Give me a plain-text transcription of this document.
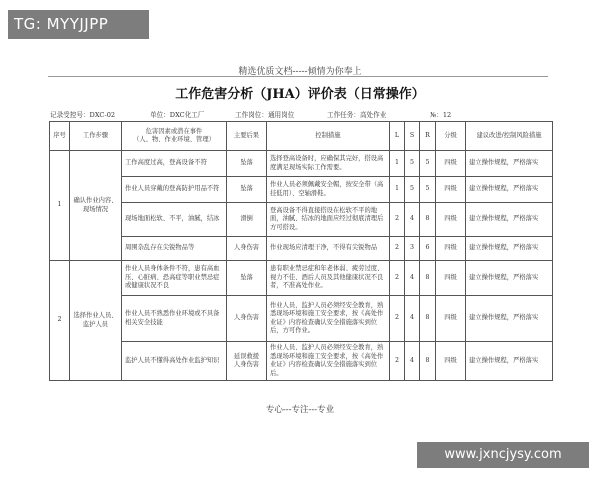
TG: MYYJJPP
精选优质文档-----倾情为你奉上
工作危害分析（JHA）评价表（日常操作）
记录受控号：DXC-02	单位：DXC化工厂	工作岗位：通用岗位	工作任务：高处作业	№：12
序号	工作步骤	危害因素或潜在事件
（人、物、作业环境、管理）	主要后果	控制措施	L	S	R	分级	建议改进/控制风险措施
1	确认作业内容、现场情况	工作高度过高，登高设备不符	坠落	选择登高设备时，应确保其完好，搭设高度满足现场实际工作需要。	1	5	5	四级	建立操作规程，严格落实
		作业人员穿戴的登高防护用品不符	坠落	作业人员必须佩戴安全帽，按安全带（高挂低用）、空轴滑鞋。	1	5	5	四级	建立操作规程，严格落实
		现场地面松软、不平，油腻，结冰	滑倒	登高设备不得直接搭设在松软不平的地面，油腻、结冰的地面应经过彻底清理后方可搭设。	2	4	8	四级	建立操作规程，严格落实
		周围杂乱存在尖锐物品等	人身伤害	作业现场应清理干净，不得有尖锐物品	2	3	6	四级	建立操作规程，严格落实
2	选择作业人员、监护人员	作业人员身体条件不符，患有高血压、心脏病、恐高症等职业禁忌症或健康状况不良	坠落	患有职业禁忌症和年老体弱、疲劳过度、视力不佳、酒后人员及其他健康状况不良者，不准高处作业。	2	4	8	四级	建立操作规程，严格落实
		作业人员不熟悉作业环境或不具备相关安全技能	人身伤害	作业人员、监护人员必须经安全教育，熟悉现场环境和施工安全要求，按《高处作业证》内容检查确认安全措施落实到位后，方可作业。	2	4	8	四级	建立操作规程，严格落实
		监护人员不懂得高处作业监护知识	延误救援
人身伤害	作业人员、监护人员必须经安全教育，熟悉现场环境和施工安全要求，按《高处作业证》内容检查确认安全措施落实到位后。	2	4	8	四级	建立操作规程，严格落实
专心---专注---专业
www.jxncjysy.com
